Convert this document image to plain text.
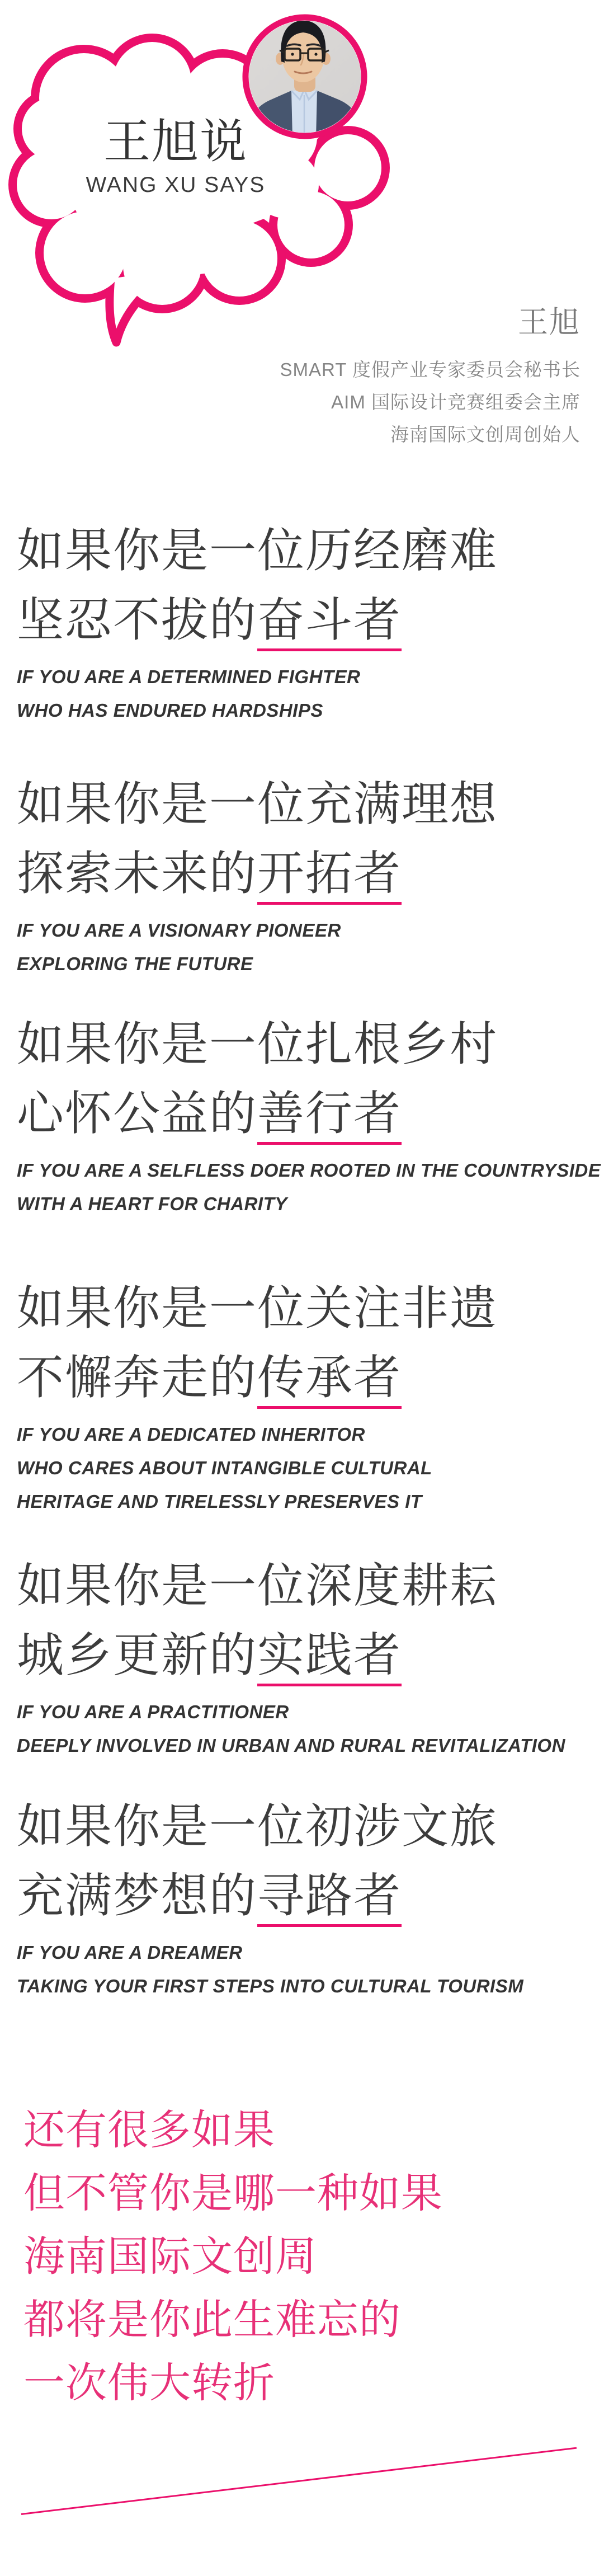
王旭说
WANG XU SAYS
王旭
SMART 度假产业专家委员会秘书长
AIM 国际设计竞赛组委会主席
海南国际文创周创始人
如果你是一位历经磨难
坚忍不拔的奋斗者
IF YOU ARE A DETERMINED FIGHTER
WHO HAS ENDURED HARDSHIPS
如果你是一位充满理想
探索未来的开拓者
IF YOU ARE A VISIONARY PIONEER
EXPLORING THE FUTURE
如果你是一位扎根乡村
心怀公益的善行者
IF YOU ARE A SELFLESS DOER ROOTED IN THE COUNTRYSIDE
WITH A HEART FOR CHARITY
如果你是一位关注非遗
不懈奔走的传承者
IF YOU ARE A DEDICATED INHERITOR
WHO CARES ABOUT INTANGIBLE CULTURAL
HERITAGE AND TIRELESSLY PRESERVES IT
如果你是一位深度耕耘
城乡更新的实践者
IF YOU ARE A PRACTITIONER
DEEPLY INVOLVED IN URBAN AND RURAL REVITALIZATION
如果你是一位初涉文旅
充满梦想的寻路者
IF YOU ARE A DREAMER
TAKING YOUR FIRST STEPS INTO CULTURAL TOURISM
还有很多如果
但不管你是哪一种如果
海南国际文创周
都将是你此生难忘的
一次伟大转折
